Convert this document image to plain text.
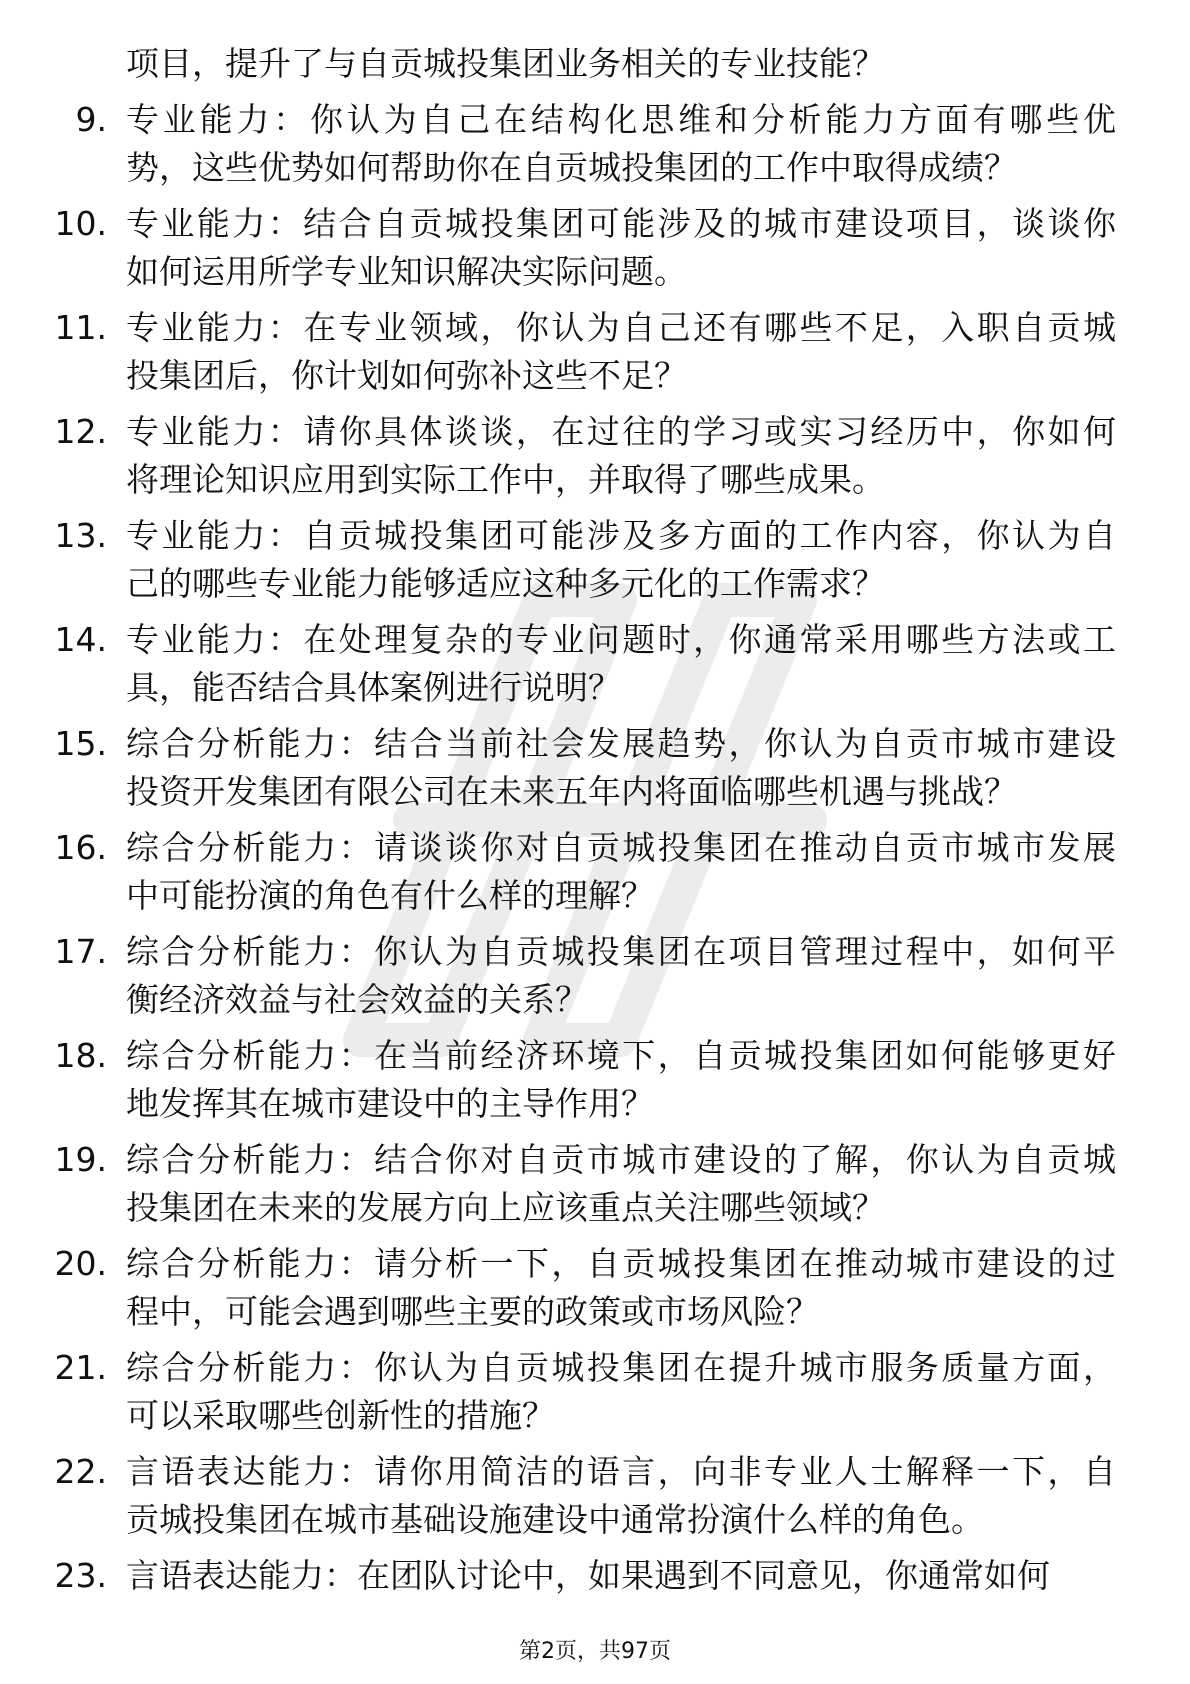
项目，提升了与自贡城投集团业务相关的专业技能？
9. 专业能力：你认为自己在结构化思维和分析能力方面有哪些优
势，这些优势如何帮助你在自贡城投集团的工作中取得成绩？
10. 专业能力：结合自贡城投集团可能涉及的城市建设项目，谈谈你
如何运用所学专业知识解决实际问题。
11. 专业能力：在专业领域，你认为自己还有哪些不足，入职自贡城
投集团后，你计划如何弥补这些不足？
12. 专业能力：请你具体谈谈，在过往的学习或实习经历中，你如何
将理论知识应用到实际工作中，并取得了哪些成果。
13. 专业能力：自贡城投集团可能涉及多方面的工作内容，你认为自
己的哪些专业能力能够适应这种多元化的工作需求？
14. 专业能力：在处理复杂的专业问题时，你通常采用哪些方法或工
具，能否结合具体案例进行说明？
15. 综合分析能力：结合当前社会发展趋势，你认为自贡市城市建设
投资开发集团有限公司在未来五年内将面临哪些机遇与挑战？
16. 综合分析能力：请谈谈你对自贡城投集团在推动自贡市城市发展
中可能扮演的角色有什么样的理解？
17. 综合分析能力：你认为自贡城投集团在项目管理过程中，如何平
衡经济效益与社会效益的关系？
18. 综合分析能力：在当前经济环境下，自贡城投集团如何能够更好
地发挥其在城市建设中的主导作用？
19. 综合分析能力：结合你对自贡市城市建设的了解，你认为自贡城
投集团在未来的发展方向上应该重点关注哪些领域？
20. 综合分析能力：请分析一下，自贡城投集团在推动城市建设的过
程中，可能会遇到哪些主要的政策或市场风险？
21. 综合分析能力：你认为自贡城投集团在提升城市服务质量方面，
可以采取哪些创新性的措施？
22. 言语表达能力：请你用简洁的语言，向非专业人士解释一下，自
贡城投集团在城市基础设施建设中通常扮演什么样的角色。
23. 言语表达能力：在团队讨论中，如果遇到不同意见，你通常如何
第2页，共97页
